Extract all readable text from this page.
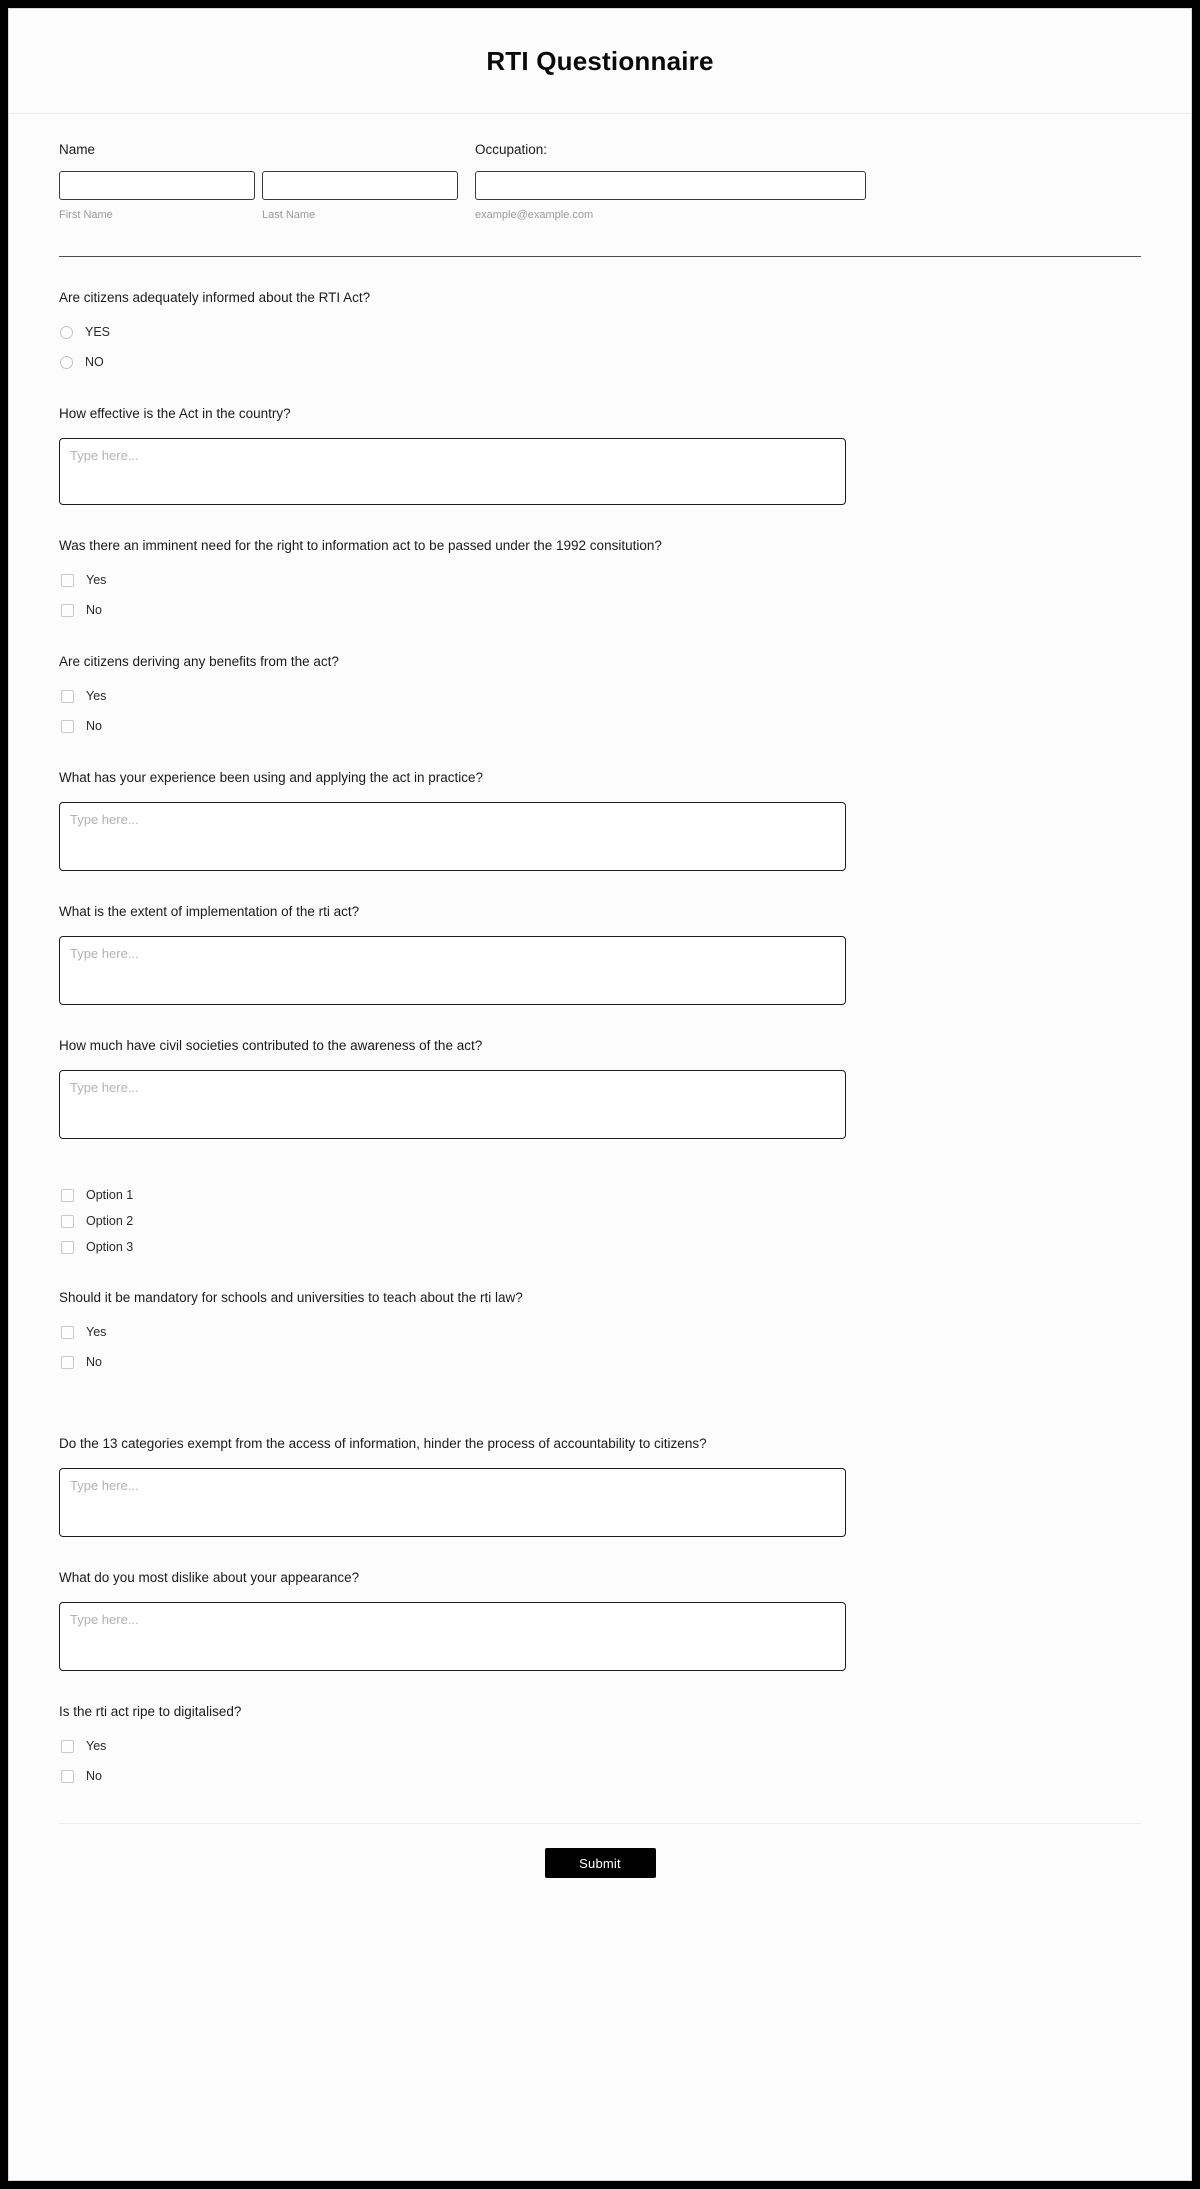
RTI Questionnaire
Name
First Name	Last Name
Occupation:
example@example.com
Are citizens adequately informed about the RTI Act?
YES
NO
How effective is the Act in the country?
Type here...
Was there an imminent need for the right to information act to be passed under the 1992 consitution?
Yes
No
Are citizens deriving any benefits from the act?
Yes
No
What has your experience been using and applying the act in practice?
Type here...
What is the extent of implementation of the rti act?
Type here...
How much have civil societies contributed to the awareness of the act?
Type here...
Option 1
Option 2
Option 3
Should it be mandatory for schools and universities to teach about the rti law?
Yes
No
Do the 13 categories exempt from the access of information, hinder the process of accountability to citizens?
Type here...
What do you most dislike about your appearance?
Type here...
Is the rti act ripe to digitalised?
Yes
No
Submit
